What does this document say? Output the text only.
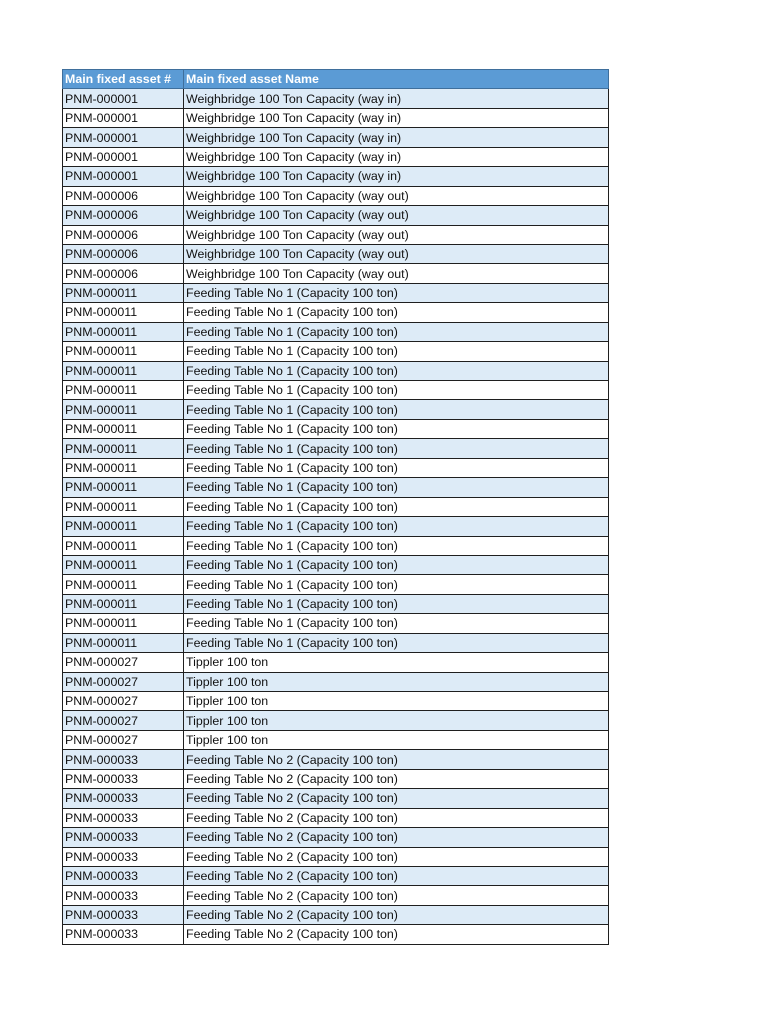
Main fixed asset #	Main fixed asset Name
PNM-000001	Weighbridge 100 Ton Capacity (way in)
PNM-000001	Weighbridge 100 Ton Capacity (way in)
PNM-000001	Weighbridge 100 Ton Capacity (way in)
PNM-000001	Weighbridge 100 Ton Capacity (way in)
PNM-000001	Weighbridge 100 Ton Capacity (way in)
PNM-000006	Weighbridge 100 Ton Capacity (way out)
PNM-000006	Weighbridge 100 Ton Capacity (way out)
PNM-000006	Weighbridge 100 Ton Capacity (way out)
PNM-000006	Weighbridge 100 Ton Capacity (way out)
PNM-000006	Weighbridge 100 Ton Capacity (way out)
PNM-000011	Feeding Table No 1 (Capacity 100 ton)
PNM-000011	Feeding Table No 1 (Capacity 100 ton)
PNM-000011	Feeding Table No 1 (Capacity 100 ton)
PNM-000011	Feeding Table No 1 (Capacity 100 ton)
PNM-000011	Feeding Table No 1 (Capacity 100 ton)
PNM-000011	Feeding Table No 1 (Capacity 100 ton)
PNM-000011	Feeding Table No 1 (Capacity 100 ton)
PNM-000011	Feeding Table No 1 (Capacity 100 ton)
PNM-000011	Feeding Table No 1 (Capacity 100 ton)
PNM-000011	Feeding Table No 1 (Capacity 100 ton)
PNM-000011	Feeding Table No 1 (Capacity 100 ton)
PNM-000011	Feeding Table No 1 (Capacity 100 ton)
PNM-000011	Feeding Table No 1 (Capacity 100 ton)
PNM-000011	Feeding Table No 1 (Capacity 100 ton)
PNM-000011	Feeding Table No 1 (Capacity 100 ton)
PNM-000011	Feeding Table No 1 (Capacity 100 ton)
PNM-000011	Feeding Table No 1 (Capacity 100 ton)
PNM-000011	Feeding Table No 1 (Capacity 100 ton)
PNM-000011	Feeding Table No 1 (Capacity 100 ton)
PNM-000027	Tippler 100 ton
PNM-000027	Tippler 100 ton
PNM-000027	Tippler 100 ton
PNM-000027	Tippler 100 ton
PNM-000027	Tippler 100 ton
PNM-000033	Feeding Table No 2 (Capacity 100 ton)
PNM-000033	Feeding Table No 2 (Capacity 100 ton)
PNM-000033	Feeding Table No 2 (Capacity 100 ton)
PNM-000033	Feeding Table No 2 (Capacity 100 ton)
PNM-000033	Feeding Table No 2 (Capacity 100 ton)
PNM-000033	Feeding Table No 2 (Capacity 100 ton)
PNM-000033	Feeding Table No 2 (Capacity 100 ton)
PNM-000033	Feeding Table No 2 (Capacity 100 ton)
PNM-000033	Feeding Table No 2 (Capacity 100 ton)
PNM-000033	Feeding Table No 2 (Capacity 100 ton)
